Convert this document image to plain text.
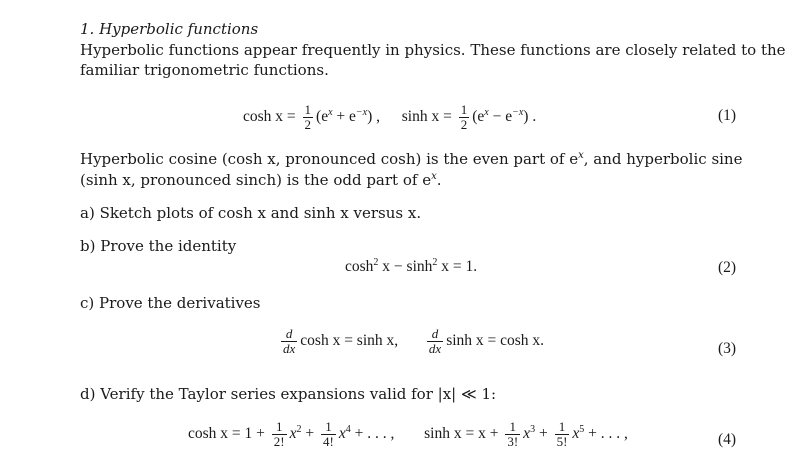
1. Hyperbolic functions
Hyperbolic functions appear frequently in physics. These functions are closely related to the
familiar trigonometric functions.
$\cosh x = \frac{1}{2} (e^x + e^{-x})$ , $\sinh x = \frac{1}{2} (e^x - e^{-x})$ .	(1)
Hyperbolic cosine (cosh x, pronounced cosh) is the even part of $e^x$, and hyperbolic sine
(sinh x, pronounced sinch) is the odd part of $e^x$.
a) Sketch plots of cosh x and sinh x versus x.
b) Prove the identity
$\cosh^2 x - \sinh^2 x = 1$.	(2)
c) Prove the derivatives
$\frac{d}{dx}$ cosh x = sinh x, $\frac{d}{dx}$ sinh x = cosh x.	(3)
d) Verify the Taylor series expansions valid for |x| ≪ 1:
$\cosh x = 1 + \frac{1}{2!} x^2 + \frac{1}{4!} x^4$ + . . . , $\sinh x = x + \frac{1}{3!} x^3 + \frac{1}{5!} x^5$ + . . . ,	(4)
